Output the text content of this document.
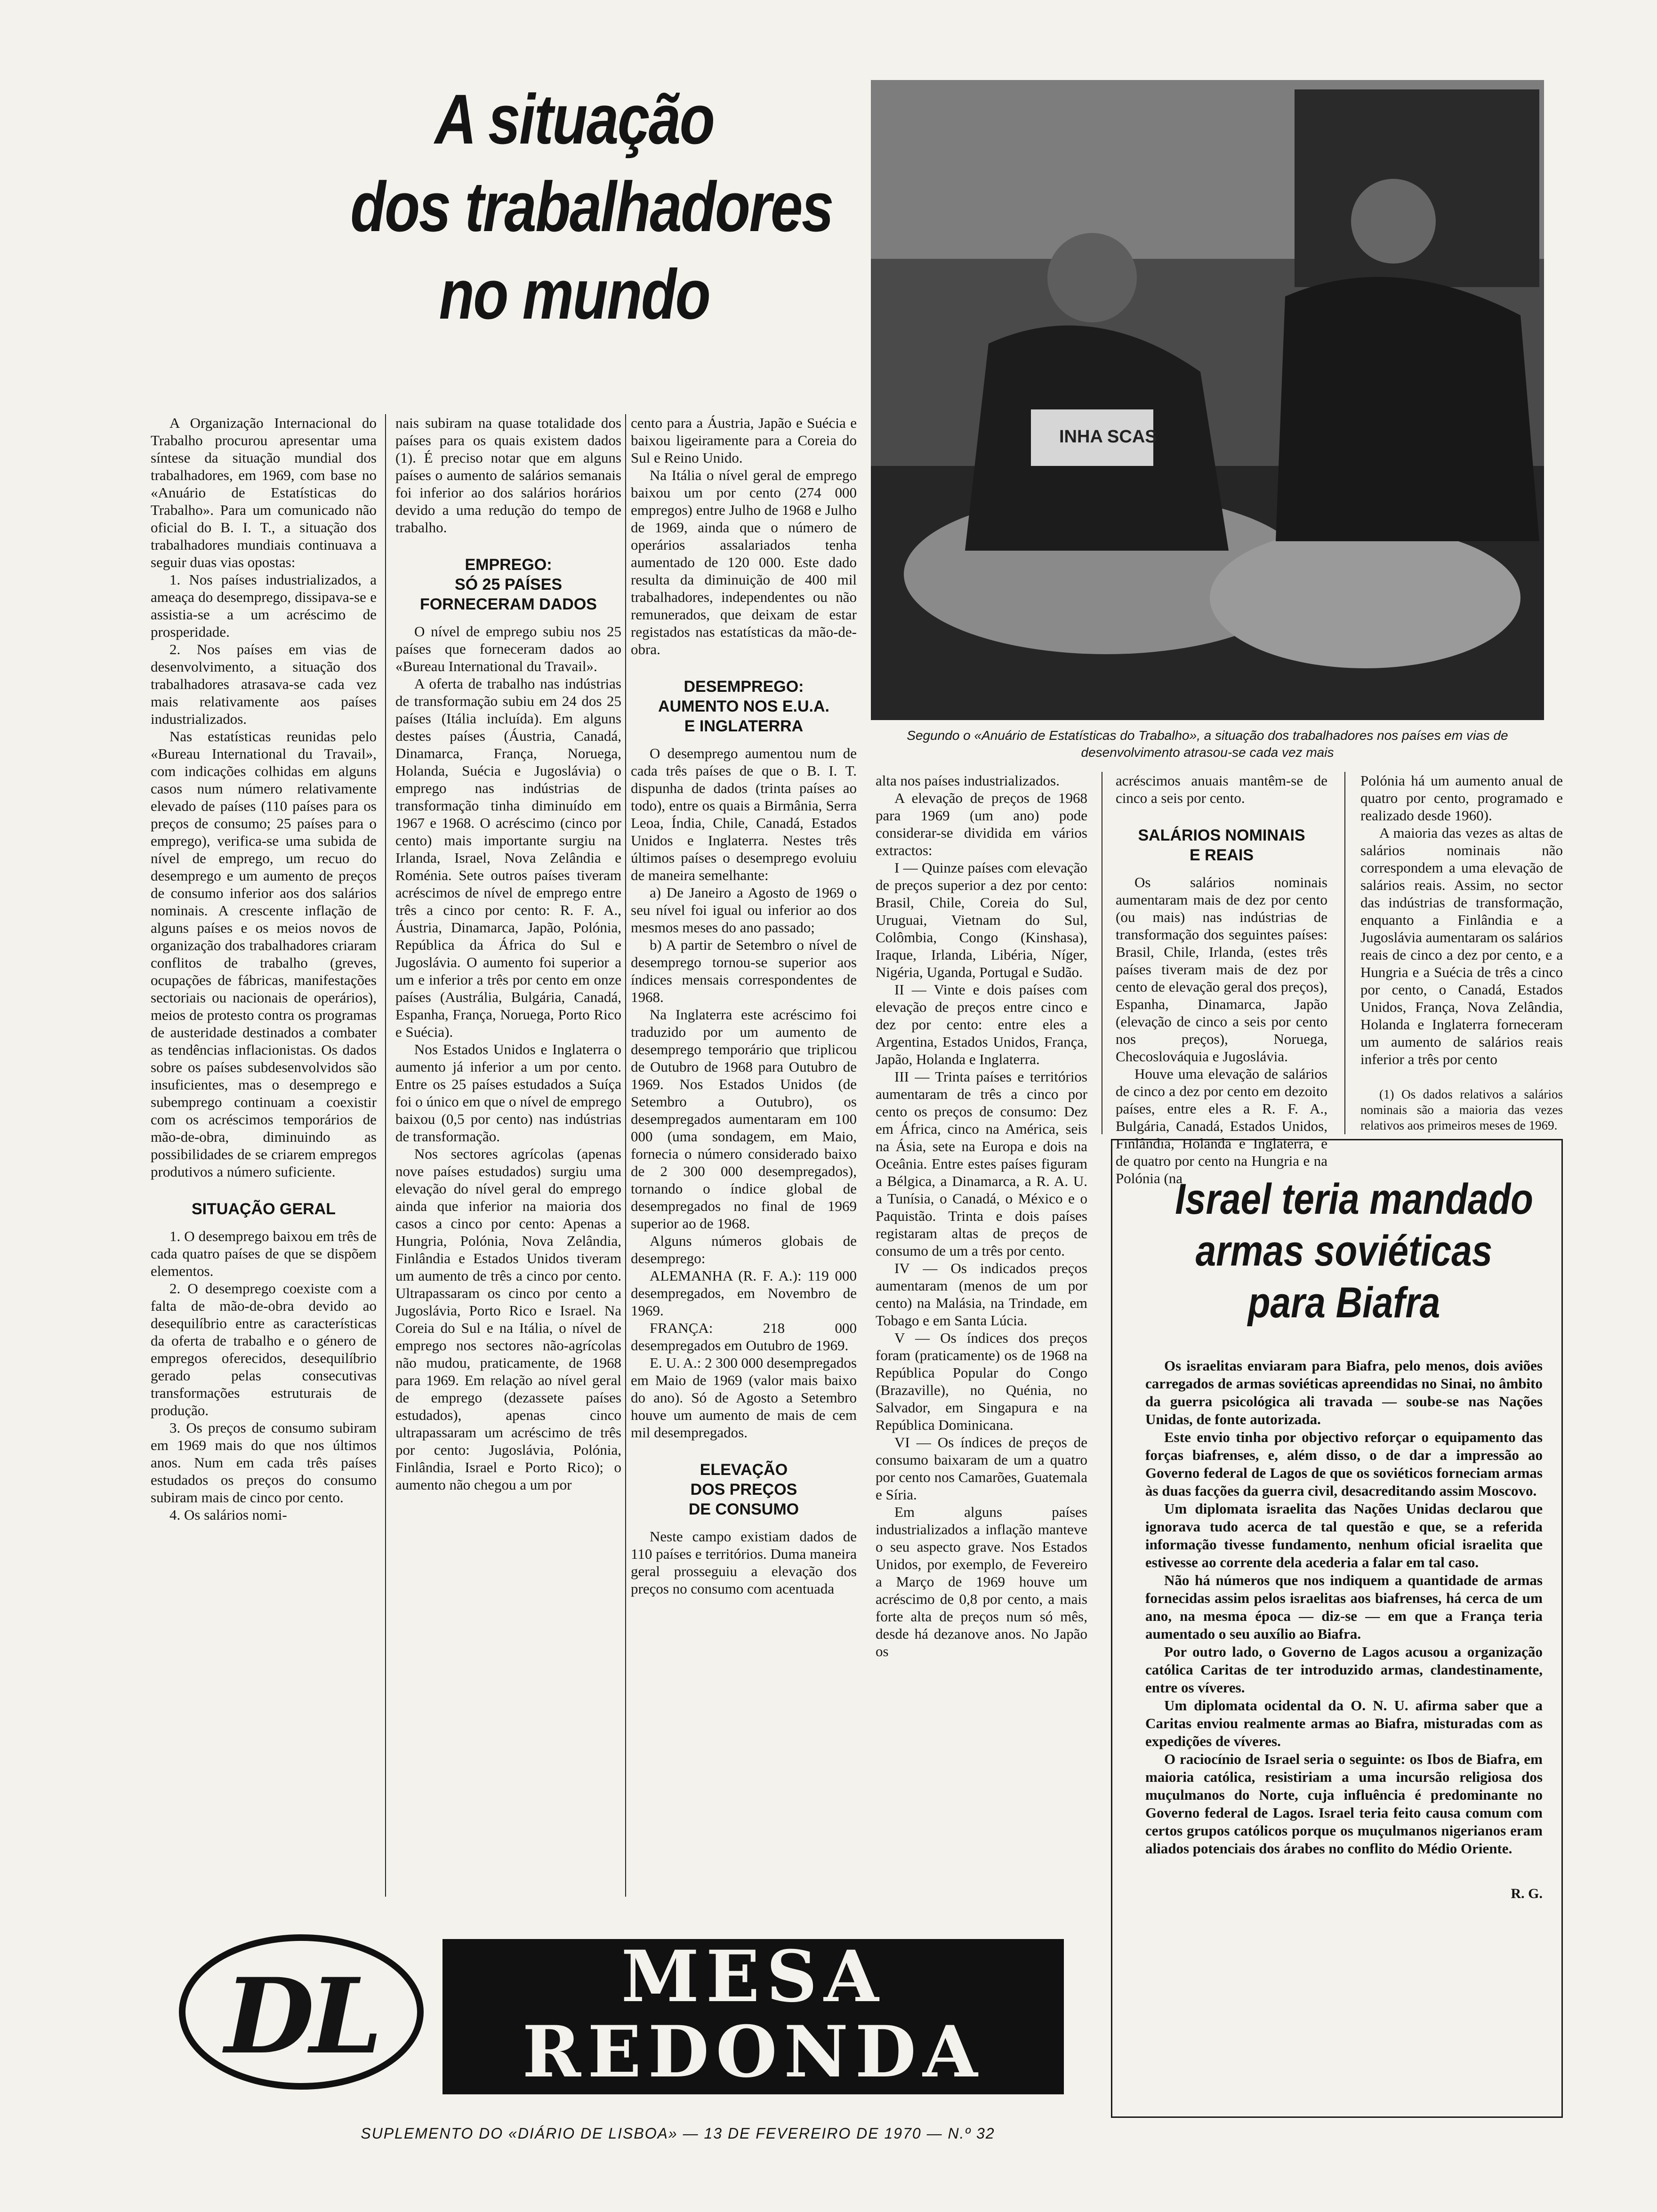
A situação
dos trabalhadores
no mundo
INHA SCAS
Segundo o «Anuário de Estatísticas do Trabalho», a situação dos trabalhadores nos países em vias de desenvolvimento atrasou-se cada vez mais

A Organização Internacional do Trabalho procurou apresentar uma síntese da situação mundial dos trabalhadores, em 1969, com base no «Anuário de Estatísticas do Trabalho». Para um comunicado não oficial do B. I. T., a situação dos trabalhadores mundiais continuava a seguir duas vias opostas:

1. Nos países industrializados, a ameaça do desemprego, dissipava-se e assistia-se a um acréscimo de prosperidade.

2. Nos países em vias de desenvolvimento, a situação dos trabalhadores atrasava-se cada vez mais relativamente aos países industrializados.

Nas estatísticas reunidas pelo «Bureau International du Travail», com indicações colhidas em alguns casos num número relativamente elevado de países (110 países para os preços de consumo; 25 países para o emprego), verifica-se uma subida de nível de emprego, um recuo do desemprego e um aumento de preços de consumo inferior aos dos salários nominais. A crescente inflação de alguns países e os meios novos de organização dos trabalhadores criaram conflitos de trabalho (greves, ocupações de fábricas, manifestações sectoriais ou nacionais de operários), meios de protesto contra os programas de austeridade destinados a combater as tendências inflacionistas. Os dados sobre os países subdesenvolvidos são insuficientes, mas o desemprego e subemprego continuam a coexistir com os acréscimos temporários de mão-de-obra, diminuindo as possibilidades de se criarem empregos produtivos a número suficiente.

SITUAÇÃO GERAL

1. O desemprego baixou em três de cada quatro países de que se dispõem elementos.

2. O desemprego coexiste com a falta de mão-de-obra devido ao desequilíbrio entre as características da oferta de trabalho e o género de empregos oferecidos, desequilíbrio gerado pelas consecutivas transformações estruturais de produção.

3. Os preços de consumo subiram em 1969 mais do que nos últimos anos. Num em cada três países estudados os preços do consumo subiram mais de cinco por cento.

4. Os salários nomi-

nais subiram na quase totalidade dos países para os quais existem dados (1). É preciso notar que em alguns países o aumento de salários semanais foi inferior ao dos salários horários devido a uma redução do tempo de trabalho.

EMPREGO:
SÓ 25 PAÍSES
FORNECERAM DADOS

O nível de emprego subiu nos 25 países que forneceram dados ao «Bureau International du Travail».

A oferta de trabalho nas indústrias de transformação subiu em 24 dos 25 países (Itália incluída). Em alguns destes países (Áustria, Canadá, Dinamarca, França, Noruega, Holanda, Suécia e Jugoslávia) o emprego nas indústrias de transformação tinha diminuído em 1967 e 1968. O acréscimo (cinco por cento) mais importante surgiu na Irlanda, Israel, Nova Zelândia e Roménia. Sete outros países tiveram acréscimos de nível de emprego entre três a cinco por cento: R. F. A., Áustria, Dinamarca, Japão, Polónia, República da África do Sul e Jugoslávia. O aumento foi superior a um e inferior a três por cento em onze países (Austrália, Bulgária, Canadá, Espanha, França, Noruega, Porto Rico e Suécia).

Nos Estados Unidos e Inglaterra o aumento já inferior a um por cento. Entre os 25 países estudados a Suíça foi o único em que o nível de emprego baixou (0,5 por cento) nas indústrias de transformação.

Nos sectores agrícolas (apenas nove países estudados) surgiu uma elevação do nível geral do emprego ainda que inferior na maioria dos casos a cinco por cento: Apenas a Hungria, Polónia, Nova Zelândia, Finlândia e Estados Unidos tiveram um aumento de três a cinco por cento. Ultrapassaram os cinco por cento a Jugoslávia, Porto Rico e Israel. Na Coreia do Sul e na Itália, o nível de emprego nos sectores não-agrícolas não mudou, praticamente, de 1968 para 1969. Em relação ao nível geral de emprego (dezassete países estudados), apenas cinco ultrapassaram um acréscimo de três por cento: Jugoslávia, Polónia, Finlândia, Israel e Porto Rico); o aumento não chegou a um por

cento para a Áustria, Japão e Suécia e baixou ligeiramente para a Coreia do Sul e Reino Unido.

Na Itália o nível geral de emprego baixou um por cento (274 000 empregos) entre Julho de 1968 e Julho de 1969, ainda que o número de operários assalariados tenha aumentado de 120 000. Este dado resulta da diminuição de 400 mil trabalhadores, independentes ou não remunerados, que deixam de estar registados nas estatísticas da mão-de-obra.

DESEMPREGO:
AUMENTO NOS E.U.A.
E INGLATERRA

O desemprego aumentou num de cada três países de que o B. I. T. dispunha de dados (trinta países ao todo), entre os quais a Birmânia, Serra Leoa, Índia, Chile, Canadá, Estados Unidos e Inglaterra. Nestes três últimos países o desemprego evoluiu de maneira semelhante:

a) De Janeiro a Agosto de 1969 o seu nível foi igual ou inferior ao dos mesmos meses do ano passado;

b) A partir de Setembro o nível de desemprego tornou-se superior aos índices mensais correspondentes de 1968.

Na Inglaterra este acréscimo foi traduzido por um aumento de desemprego temporário que triplicou de Outubro de 1968 para Outubro de 1969. Nos Estados Unidos (de Setembro a Outubro), os desempregados aumentaram em 100 000 (uma sondagem, em Maio, fornecia o número considerado baixo de 2 300 000 desempregados), tornando o índice global de desempregados no final de 1969 superior ao de 1968.

Alguns números globais de desemprego:

ALEMANHA (R. F. A.): 119 000 desempregados, em Novembro de 1969.

FRANÇA: 218 000 desempregados em Outubro de 1969.

E. U. A.: 2 300 000 desempregados em Maio de 1969 (valor mais baixo do ano). Só de Agosto a Setembro houve um aumento de mais de cem mil desempregados.

ELEVAÇÃO
DOS PREÇOS
DE CONSUMO

Neste campo existiam dados de 110 países e territórios. Duma maneira geral prosseguiu a elevação dos preços no consumo com acentuada

alta nos países industrializados.

A elevação de preços de 1968 para 1969 (um ano) pode considerar-se dividida em vários extractos:

I — Quinze países com elevação de preços superior a dez por cento: Brasil, Chile, Coreia do Sul, Uruguai, Vietnam do Sul, Colômbia, Congo (Kinshasa), Iraque, Irlanda, Libéria, Níger, Nigéria, Uganda, Portugal e Sudão.

II — Vinte e dois países com elevação de preços entre cinco e dez por cento: entre eles a Argentina, Estados Unidos, França, Japão, Holanda e Inglaterra.

III — Trinta países e territórios aumentaram de três a cinco por cento os preços de consumo: Dez em África, cinco na América, seis na Ásia, sete na Europa e dois na Oceânia. Entre estes países figuram a Bélgica, a Dinamarca, a R. A. U. a Tunísia, o Canadá, o México e o Paquistão. Trinta e dois países registaram altas de preços de consumo de um a três por cento.

IV — Os indicados preços aumentaram (menos de um por cento) na Malásia, na Trindade, em Tobago e em Santa Lúcia.

V — Os índices dos preços foram (praticamente) os de 1968 na República Popular do Congo (Brazaville), no Quénia, no Salvador, em Singapura e na República Dominicana.

VI — Os índices de preços de consumo baixaram de um a quatro por cento nos Camarões, Guatemala e Síria.

Em alguns países industrializados a inflação manteve o seu aspecto grave. Nos Estados Unidos, por exemplo, de Fevereiro a Março de 1969 houve um acréscimo de 0,8 por cento, a mais forte alta de preços num só mês, desde há dezanove anos. No Japão os

acréscimos anuais mantêm-se de cinco a seis por cento.

SALÁRIOS NOMINAIS
E REAIS

Os salários nominais aumentaram mais de dez por cento (ou mais) nas indústrias de transformação dos seguintes países: Brasil, Chile, Irlanda, (estes três países tiveram mais de dez por cento de elevação geral dos preços), Espanha, Dinamarca, Japão (elevação de cinco a seis por cento nos preços), Noruega, Checoslováquia e Jugoslávia.

Houve uma elevação de salários de cinco a dez por cento em dezoito países, entre eles a R. F. A., Bulgária, Canadá, Estados Unidos, Finlândia, Holanda e Inglaterra, e de quatro por cento na Hungria e na Polónia (na

Polónia há um aumento anual de quatro por cento, programado e realizado desde 1960).

A maioria das vezes as altas de salários nominais não correspondem a uma elevação de salários reais. Assim, no sector das indústrias de transformação, enquanto a Finlândia e a Jugoslávia aumentaram os salários reais de cinco a dez por cento, e a Hungria e a Suécia de três a cinco por cento, o Canadá, Estados Unidos, França, Nova Zelândia, Holanda e Inglaterra forneceram um aumento de salários reais inferior a três por cento

(1) Os dados relativos a salários nominais são a maioria das vezes relativos aos primeiros meses de 1969.

Israel teria mandado
armas soviéticas
para Biafra

Os israelitas enviaram para Biafra, pelo menos, dois aviões carregados de armas soviéticas apreendidas no Sinai, no âmbito da guerra psicológica ali travada — soube-se nas Nações Unidas, de fonte autorizada.

Este envio tinha por objectivo reforçar o equipamento das forças biafrenses, e, além disso, o de dar a impressão ao Governo federal de Lagos de que os soviéticos forneciam armas às duas facções da guerra civil, desacreditando assim Moscovo.

Um diplomata israelita das Nações Unidas declarou que ignorava tudo acerca de tal questão e que, se a referida informação tivesse fundamento, nenhum oficial israelita que estivesse ao corrente dela acederia a falar em tal caso.

Não há números que nos indiquem a quantidade de armas fornecidas assim pelos israelitas aos biafrenses, há cerca de um ano, na mesma época — diz-se — em que a França teria aumentado o seu auxílio ao Biafra.

Por outro lado, o Governo de Lagos acusou a organização católica Caritas de ter introduzido armas, clandestinamente, entre os víveres.

Um diplomata ocidental da O. N. U. afirma saber que a Caritas enviou realmente armas ao Biafra, misturadas com as expedições de víveres.

O raciocínio de Israel seria o seguinte: os Ibos de Biafra, em maioria católica, resistiriam a uma incursão religiosa dos muçulmanos do Norte, cuja influência é predominante no Governo federal de Lagos. Israel teria feito causa comum com certos grupos católicos porque os muçulmanos nigerianos eram aliados potenciais dos árabes no conflito do Médio Oriente.

R. G.
DL	MESA
REDONDA
SUPLEMENTO DO «DIÁRIO DE LISBOA» — 13 DE FEVEREIRO DE 1970 — N.º 32
